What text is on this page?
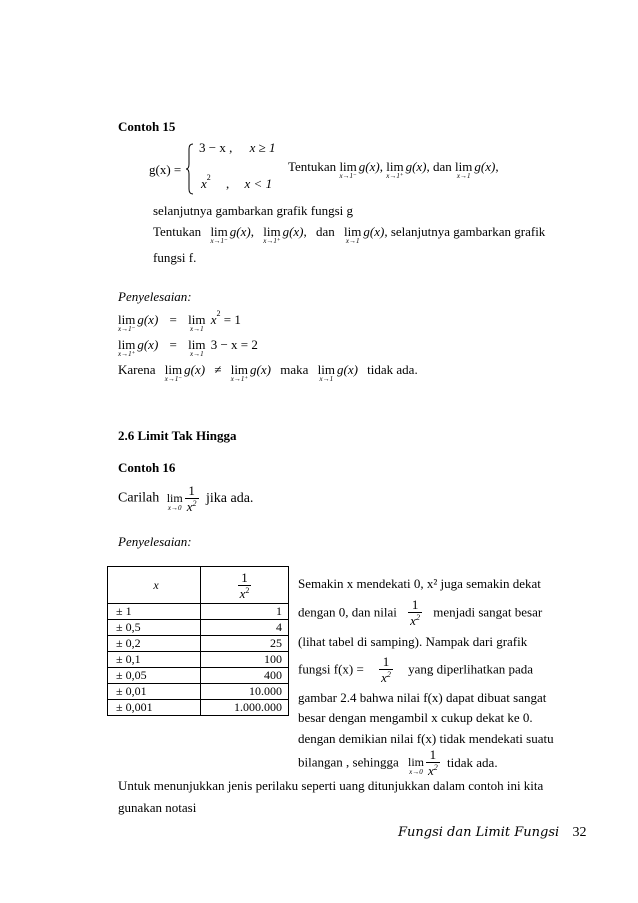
Contoh 15
g(x) =
3 − x , x ≥ 1
$x^2$ , x < 1
Tentukan lim
x→1⁻
g(x), lim
x→1⁺
g(x), dan lim
x→1
g(x),
selanjutnya gambarkan grafik fungsi g
Tentukan lim
x→1⁻
g(x), lim
x→1⁺
g(x), dan lim
x→1
g(x), selanjutnya gambarkan grafik
fungsi f.
Penyelesaian:
lim
x→1⁻
g(x) = lim
x→1
$x^2 = 1$
lim
x→1⁺
g(x) = lim
x→1
3 − x = 2
Karena lim
x→1⁻
g(x) ≠ lim
x→1⁺
g(x) maka lim
x→1
g(x) tidak ada.
2.6 Limit Tak Hingga
Contoh 16
Carilah lim
$x\to 0 \frac{1}{x^2}$ jika ada.
Penyelesaian:
x	$\frac{1}{x^2}$

± 1	1
± 0,5	4
± 0,2	25
± 0,1	100
± 0,05	400
± 0,01	10.000
± 0,001	1.000.000
Semakin x mendekati 0, x² juga semakin dekat
dengan 0, dan nilai $\frac{1}{x^2}$ menjadi sangat besar
(lihat tabel di samping). Nampak dari grafik
fungsi $f(x) = \frac{1}{x^2}$ yang diperlihatkan pada
gambar 2.4 bahwa nilai f(x) dapat dibuat sangat
besar dengan mengambil x cukup dekat ke 0.
dengan demikian nilai f(x) tidak mendekati suatu
bilangan , sehingga lim
$x\to 0 \frac{1}{x^2}$ tidak ada.
Untuk menunjukkan jenis perilaku seperti uang ditunjukkan dalam contoh ini kita
gunakan notasi
Fungsi dan Limit Fungsi 32
